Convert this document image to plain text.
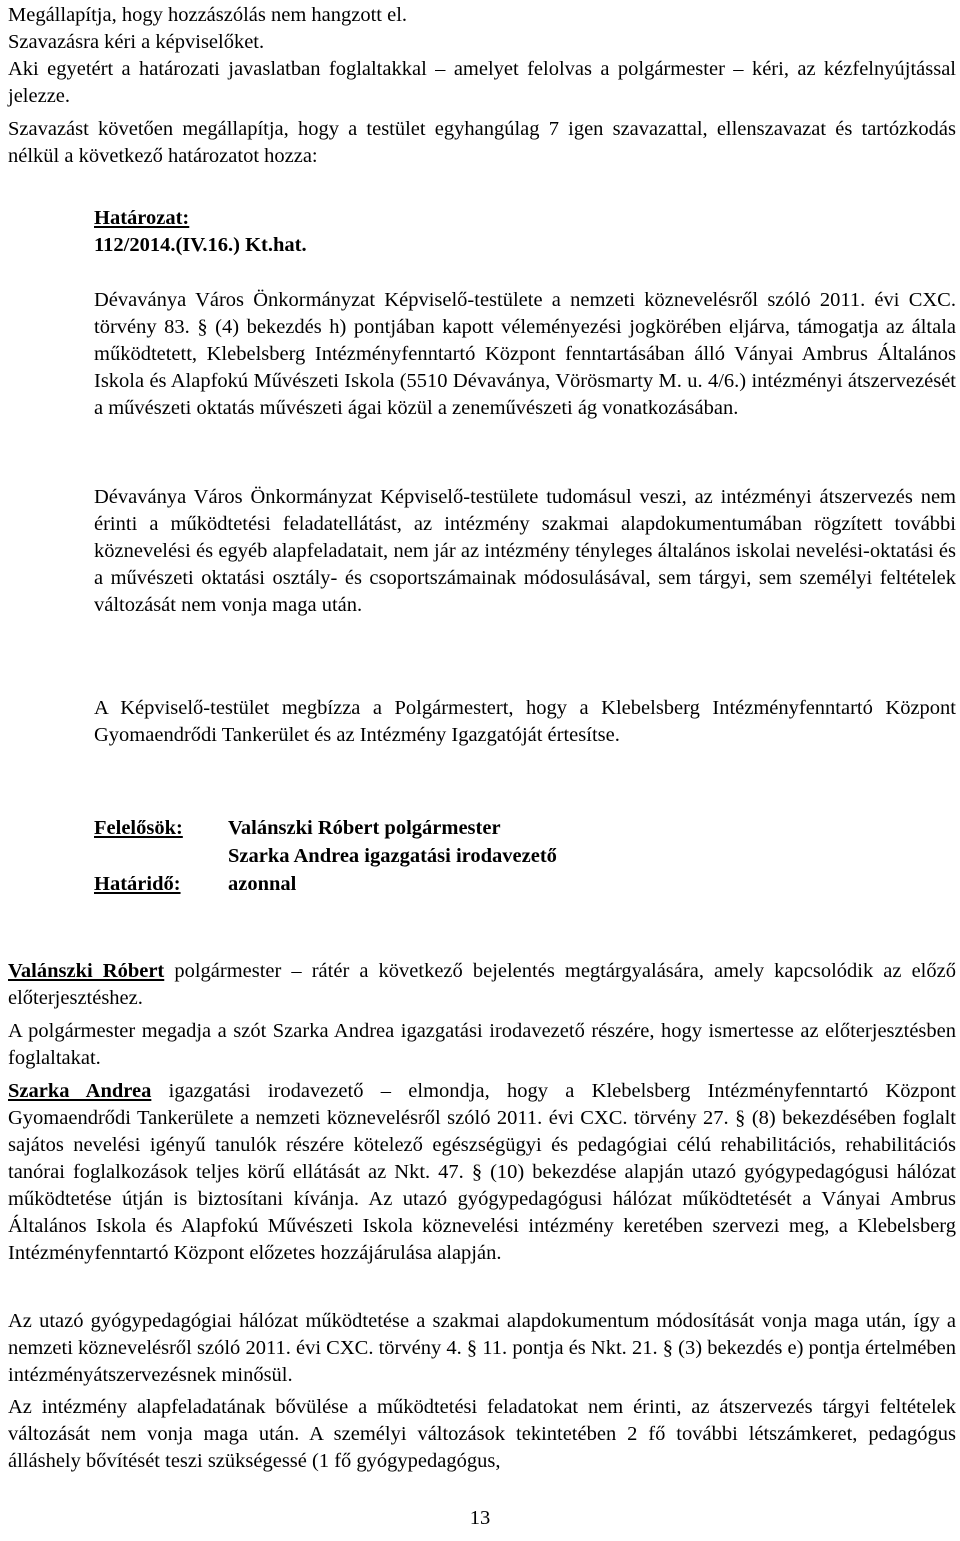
Megállapítja, hogy hozzászólás nem hangzott el.
Szavazásra kéri a képviselőket.

Aki egyetért a határozati javaslatban foglaltakkal – amelyet felolvas a polgármester – kéri, az kézfelnyújtással jelezze.

Szavazást követően megállapítja, hogy a testület egyhangúlag 7 igen szavazattal, ellenszavazat és tartózkodás nélkül a következő határozatot hozza:

Határozat:
112/2014.(IV.16.) Kt.hat.

Dévaványa Város Önkormányzat Képviselő-testülete a nemzeti köznevelésről szóló 2011. évi CXC. törvény 83. § (4) bekezdés h) pontjában kapott véleményezési jogkörében eljárva, támogatja az általa működtetett, Klebelsberg Intézményfenntartó Központ fenntartásában álló Ványai Ambrus Általános Iskola és Alapfokú Művészeti Iskola (5510 Dévaványa, Vörösmarty M. u. 4/6.) intézményi átszervezését a művészeti oktatás művészeti ágai közül a zeneművészeti ág vonatkozásában.

Dévaványa Város Önkormányzat Képviselő-testülete tudomásul veszi, az intézményi átszervezés nem érinti a működtetési feladatellátást, az intézmény szakmai alapdokumentumában rögzített további köznevelési és egyéb alapfeladatait, nem jár az intézmény tényleges általános iskolai nevelési-oktatási és a művészeti oktatási osztály- és csoportszámainak módosulásával, sem tárgyi, sem személyi feltételek változását nem vonja maga után.

A Képviselő-testület megbízza a Polgármestert, hogy a Klebelsberg Intézményfenntartó Központ Gyomaendrődi Tankerület és az Intézmény Igazgatóját értesítse.

Felelősök: Valánszki Róbert polgármester
Szarka Andrea igazgatási irodavezető
Határidő: azonnal

Valánszki Róbert polgármester – rátér a következő bejelentés megtárgyalására, amely kapcsolódik az előző előterjesztéshez.

A polgármester megadja a szót Szarka Andrea igazgatási irodavezető részére, hogy ismertesse az előterjesztésben foglaltakat.

Szarka Andrea igazgatási irodavezető – elmondja, hogy a Klebelsberg Intézményfenntartó Központ Gyomaendrődi Tankerülete a nemzeti köznevelésről szóló 2011. évi CXC. törvény 27. § (8) bekezdésében foglalt sajátos nevelési igényű tanulók részére kötelező egészségügyi és pedagógiai célú rehabilitációs, rehabilitációs tanórai foglalkozások teljes körű ellátását az Nkt. 47. § (10) bekezdése alapján utazó gyógypedagógusi hálózat működtetése útján is biztosítani kívánja. Az utazó gyógypedagógusi hálózat működtetését a Ványai Ambrus Általános Iskola és Alapfokú Művészeti Iskola köznevelési intézmény keretében szervezi meg, a Klebelsberg Intézményfenntartó Központ előzetes hozzájárulása alapján.

Az utazó gyógypedagógiai hálózat működtetése a szakmai alapdokumentum módosítását vonja maga után, így a nemzeti köznevelésről szóló 2011. évi CXC. törvény 4. § 11. pontja és Nkt. 21. § (3) bekezdés e) pontja értelmében intézményátszervezésnek minősül.

Az intézmény alapfeladatának bővülése a működtetési feladatokat nem érinti, az átszervezés tárgyi feltételek változását nem vonja maga után. A személyi változások tekintetében 2 fő további létszámkeret, pedagógus álláshely bővítését teszi szükségessé (1 fő gyógypedagógus,

13
